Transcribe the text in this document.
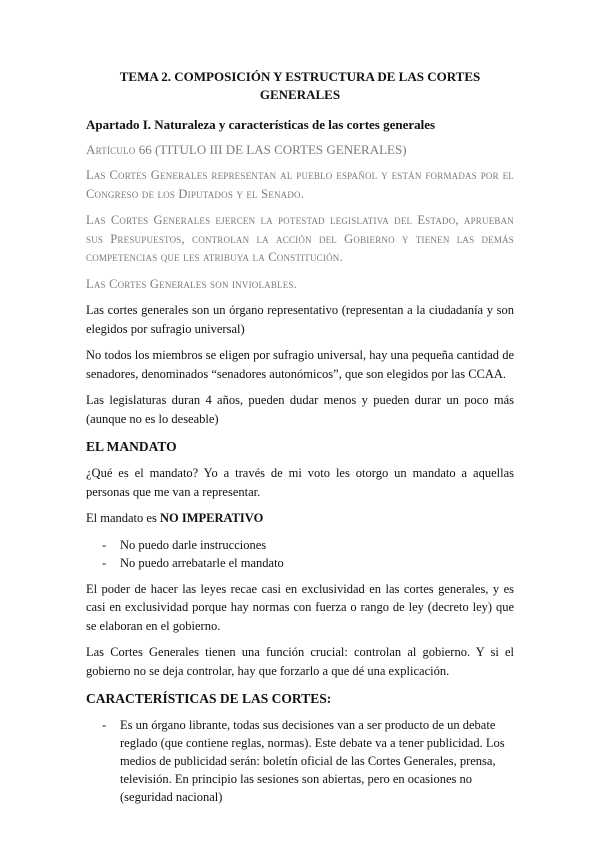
TEMA 2. COMPOSICIÓN Y ESTRUCTURA DE LAS CORTES GENERALES
Apartado I. Naturaleza y características de las cortes generales
Artículo 66 (TITULO III DE LAS CORTES GENERALES)

Las Cortes Generales representan al pueblo español y están formadas por el Congreso de los Diputados y el Senado.

Las Cortes Generales ejercen la potestad legislativa del Estado, aprueban sus Presupuestos, controlan la acción del Gobierno y tienen las demás competencias que les atribuya la Constitución.

Las Cortes Generales son inviolables.

Las cortes generales son un órgano representativo (representan a la ciudadanía y son elegidos por sufragio universal)

No todos los miembros se eligen por sufragio universal, hay una pequeña cantidad de senadores, denominados “senadores autonómicos”, que son elegidos por las CCAA.

Las legislaturas duran 4 años, pueden dudar menos y pueden durar un poco más (aunque no es lo deseable)

EL MANDATO

¿Qué es el mandato? Yo a través de mi voto les otorgo un mandato a aquellas personas que me van a representar.

El mandato es NO IMPERATIVO

- No puedo darle instrucciones
- No puedo arrebatarle el mandato

El poder de hacer las leyes recae casi en exclusividad en las cortes generales, y es casi en exclusividad porque hay normas con fuerza o rango de ley (decreto ley) que se elaboran en el gobierno.

Las Cortes Generales tienen una función crucial: controlan al gobierno. Y si el gobierno no se deja controlar, hay que forzarlo a que dé una explicación.

CARACTERÍSTICAS DE LAS CORTES:
- Es un órgano librante, todas sus decisiones van a ser producto de un debate reglado (que contiene reglas, normas). Este debate va a tener publicidad. Los medios de publicidad serán: boletín oficial de las Cortes Generales, prensa, televisión. En principio las sesiones son abiertas, pero en ocasiones no (seguridad nacional)
